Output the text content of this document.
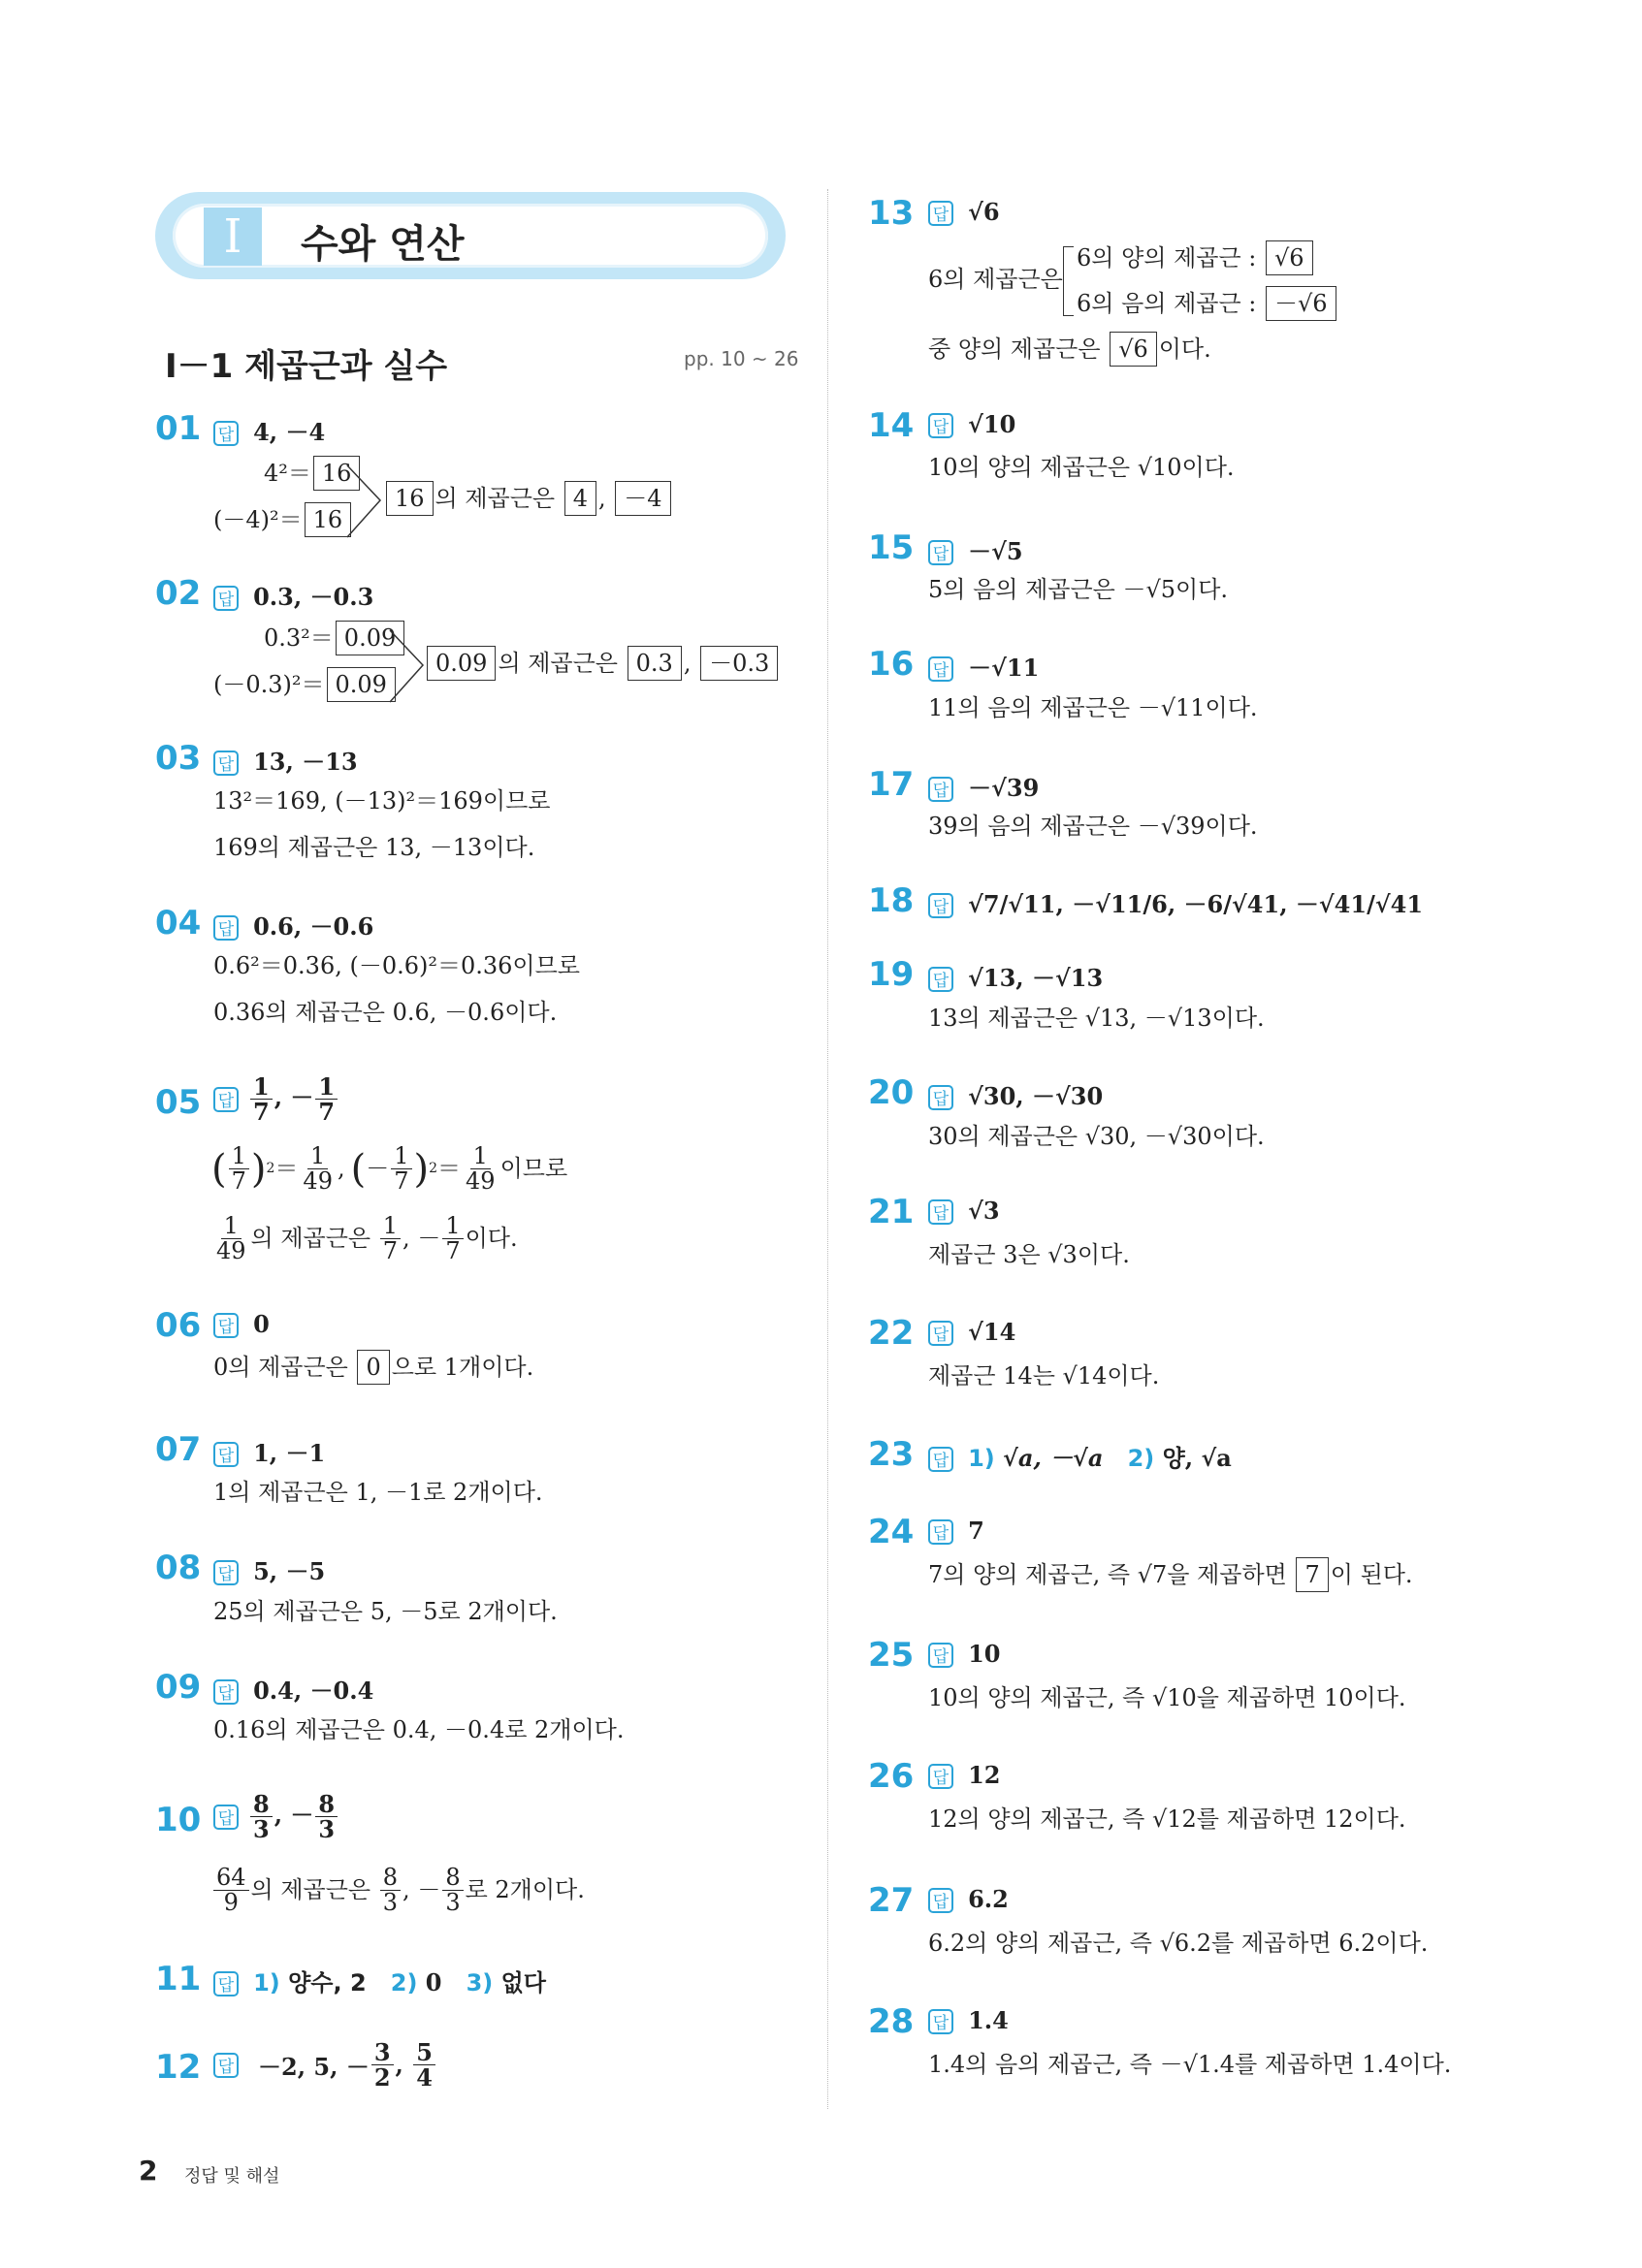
Ⅰ	수와 연산
Ⅰ－1 제곱근과 실수	pp. 10 ~ 26
01 답 4, －4
4²＝ 16
(－4)²＝ 16
16 의 제곱근은 4 , －4
02 답 0.3, －0.3
0.3²＝ 0.09
(－0.3)²＝ 0.09
0.09 의 제곱근은 0.3 , －0.3
03 답 13, －13
13²＝169, (－13)²＝169이므로
169의 제곱근은 13, －13이다.
04 답 0.6, －0.6
0.6²＝0.36, (－0.6)²＝0.36이므로
0.36의 제곱근은 0.6, －0.6이다.
05 답 $\frac{1}{7}$ , － $\frac{1}{7}$
( $\frac{1}{7}$ ) $2 = \frac{1}{49}$ , ( － $\frac{1}{7}$ ) $2 = \frac{1}{49}$ 이므로
$\frac{1}{49}$ 의 제곱근은
$\frac{1}{7}$ ,
－ $\frac{1}{7}$ 이다.
06 답 0
0의 제곱근은 0 으로 1개이다.
07 답 1, －1
1의 제곱근은 1, －1로 2개이다.
08 답 5, －5
25의 제곱근은 5, －5로 2개이다.
09 답 0.4, －0.4
0.16의 제곱근은 0.4, －0.4로 2개이다.
10 답 $\frac{8}{3}$ , － $\frac{8}{3}$
$\frac{64}{9}$ 의 제곱근은
$\frac{8}{3}$ ,
－ $\frac{8}{3}$ 로 2개이다.
11 답 1) 양수, 2 2) 0 3) 없다
12 답 －2, 5, － $\frac{3}{2}$ ,
$\frac{5}{4}$
13 답 √6
6의 제곱근은
6의 양의 제곱근 : √6
6의 음의 제곱근 : －√6
중 양의 제곱근은 √6 이다.
14 답 √10
10의 양의 제곱근은 √10이다.
15 답 －√5
5의 음의 제곱근은 －√5이다.
16 답 －√11
11의 음의 제곱근은 －√11이다.
17 답 －√39
39의 음의 제곱근은 －√39이다.
18 답 √7/√11, －√11/6, －6/√41, －√41/√41
19 답 √13, －√13
13의 제곱근은 √13, －√13이다.
20 답 √30, －√30
30의 제곱근은 √30, －√30이다.
21 답 √3
제곱근 3은 √3이다.
22 답 √14
제곱근 14는 √14이다.
23 답 1) √a, －√a 2) 양, √a
24 답 7
7의 양의 제곱근, 즉 √7을 제곱하면 7 이 된다.
25 답 10
10의 양의 제곱근, 즉 √10을 제곱하면 10이다.
26 답 12
12의 양의 제곱근, 즉 √12를 제곱하면 12이다.
27 답 6.2
6.2의 양의 제곱근, 즉 √6.2를 제곱하면 6.2이다.
28 답 1.4
1.4의 음의 제곱근, 즉 －√1.4를 제곱하면 1.4이다.
2 정답 및 해설
